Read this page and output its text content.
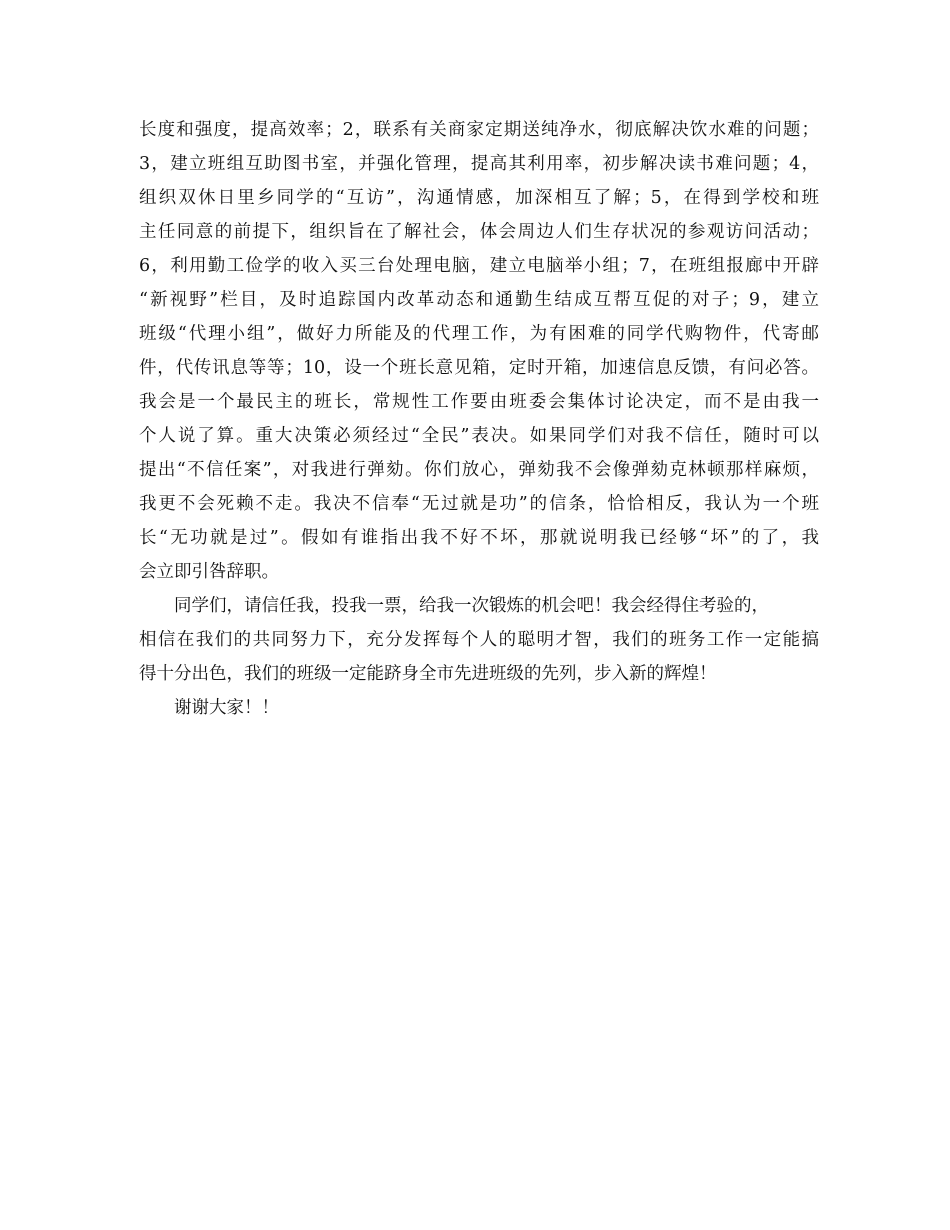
长度和强度，提高效率；2，联系有关商家定期送纯净水，彻底解决饮水难的问题；
3，建立班组互助图书室，并强化管理，提高其利用率，初步解决读书难问题；4，
组织双休日里乡同学的“互访”，沟通情感，加深相互了解；5，在得到学校和班
主任同意的前提下，组织旨在了解社会，体会周边人们生存状况的参观访问活动；
6，利用勤工俭学的收入买三台处理电脑，建立电脑举小组；7，在班组报廊中开辟
“新视野”栏目，及时追踪国内改革动态和通勤生结成互帮互促的对子；9，建立
班级“代理小组”，做好力所能及的代理工作，为有困难的同学代购物件，代寄邮
件，代传讯息等等；10，设一个班长意见箱，定时开箱，加速信息反馈，有问必答。
我会是一个最民主的班长，常规性工作要由班委会集体讨论决定，而不是由我一
个人说了算。重大决策必须经过“全民”表决。如果同学们对我不信任，随时可以
提出“不信任案”，对我进行弹劾。你们放心，弹劾我不会像弹劾克林顿那样麻烦，
我更不会死赖不走。我决不信奉“无过就是功”的信条，恰恰相反，我认为一个班
长“无功就是过”。假如有谁指出我不好不坏，那就说明我已经够“坏”的了，我
会立即引咎辞职。
同学们，请信任我，投我一票，给我一次锻炼的机会吧！我会经得住考验的，
相信在我们的共同努力下，充分发挥每个人的聪明才智，我们的班务工作一定能搞
得十分出色，我们的班级一定能跻身全市先进班级的先列，步入新的辉煌！
谢谢大家！！
